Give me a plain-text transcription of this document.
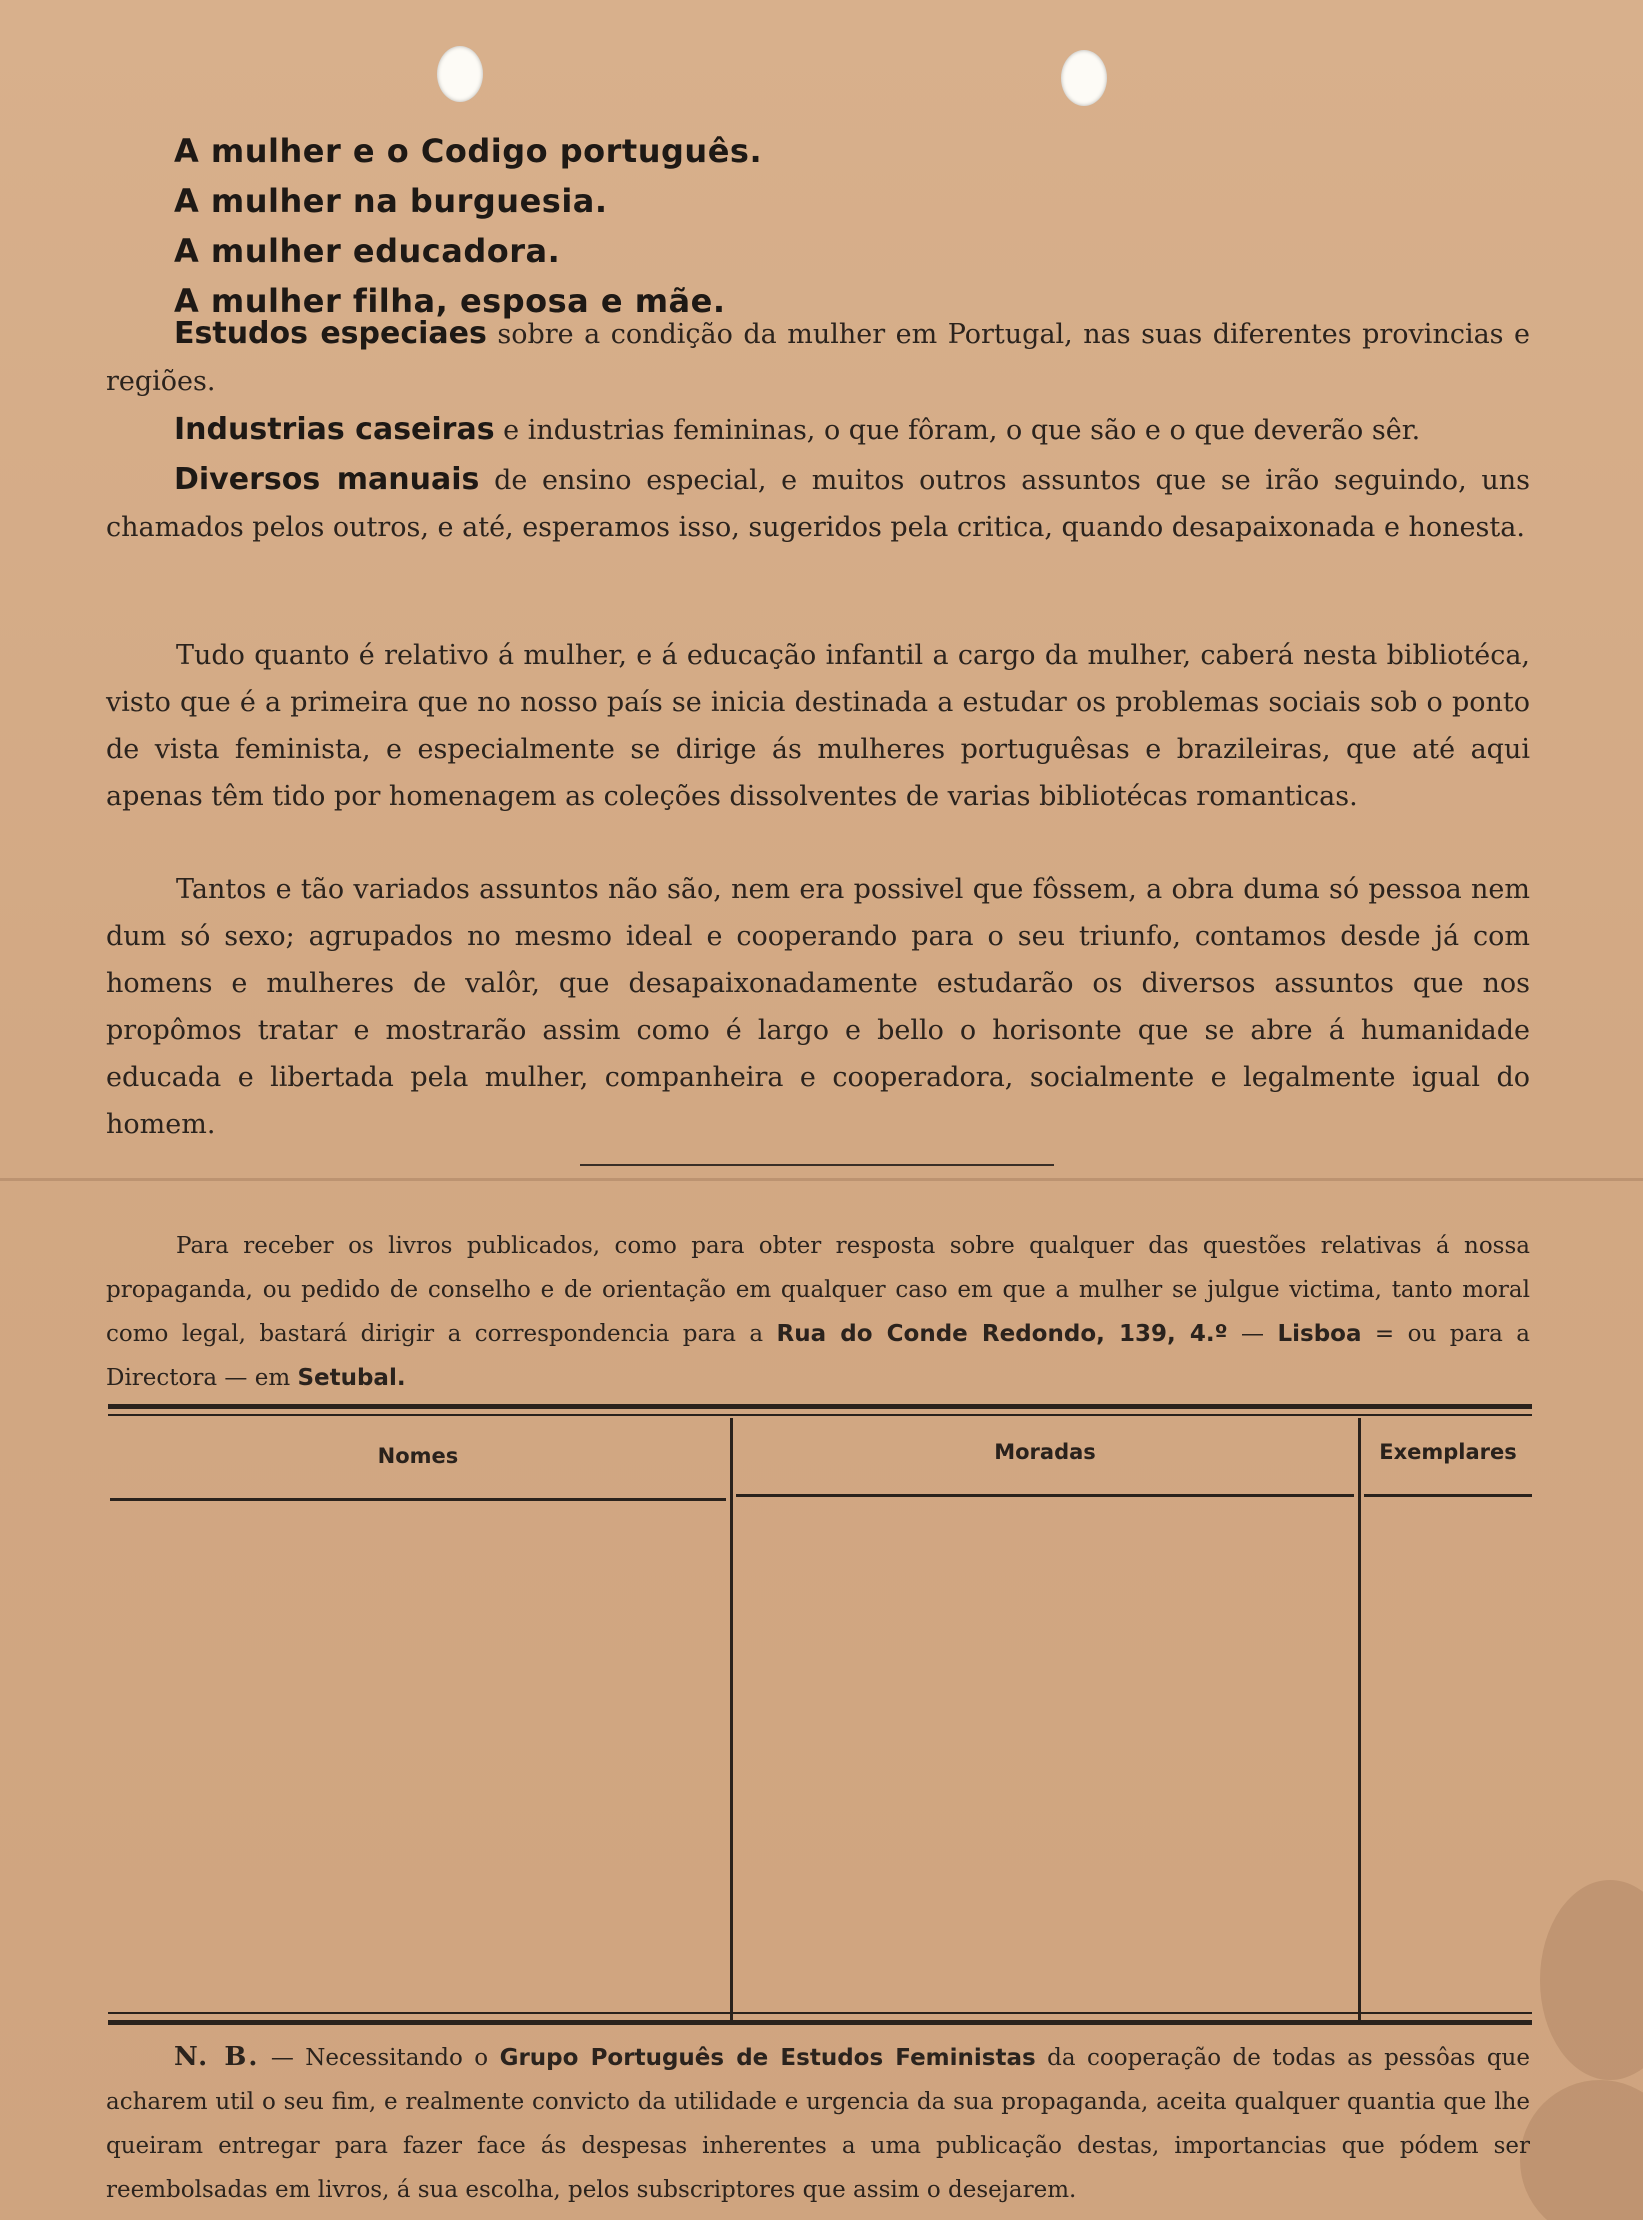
A mulher e o Codigo português.
A mulher na burguesia.
A mulher educadora.
A mulher filha, esposa e mãe.
Estudos especiaes sobre a condição da mulher em Portugal, nas suas diferentes provincias e regiões.
Industrias caseiras e industrias femininas, o que fôram, o que são e o que deverão sêr.
Diversos manuais de ensino especial, e muitos outros assuntos que se irão seguindo, uns chamados pelos outros, e até, esperamos isso, sugeridos pela critica, quando desapaixonada e honesta.
Tudo quanto é relativo á mulher, e á educação infantil a cargo da mulher, caberá nesta bibliotéca, visto que é a primeira que no nosso país se inicia destinada a estudar os problemas sociais sob o ponto de vista feminista, e especialmente se dirige ás mulheres portuguêsas e brazileiras, que até aqui apenas têm tido por homenagem as coleções dissolventes de varias bibliotécas romanticas.
Tantos e tão variados assuntos não são, nem era possivel que fôssem, a obra duma só pessoa nem dum só sexo; agrupados no mesmo ideal e cooperando para o seu triunfo, contamos desde já com homens e mulheres de valôr, que desapaixonadamente estudarão os diversos assuntos que nos propômos tratar e mostrarão assim como é largo e bello o horisonte que se abre á humanidade educada e libertada pela mulher, companheira e cooperadora, socialmente e legalmente igual do homem.
Para receber os livros publicados, como para obter resposta sobre qualquer das questões relativas á nossa propaganda, ou pedido de conselho e de orientação em qualquer caso em que a mulher se julgue victima, tanto moral como legal, bastará dirigir a correspondencia para a Rua do Conde Redondo, 139, 4.º — Lisboa = ou para a Directora — em Setubal.
Nomes	Moradas	Exemplares
N. B. — Necessitando o Grupo Português de Estudos Feministas da cooperação de todas as pessôas que acharem util o seu fim, e realmente convicto da utilidade e urgencia da sua propaganda, aceita qualquer quantia que lhe queiram entregar para fazer face ás despesas inherentes a uma publicação destas, importancias que pódem ser reembolsadas em livros, á sua escolha, pelos subscriptores que assim o desejarem.
